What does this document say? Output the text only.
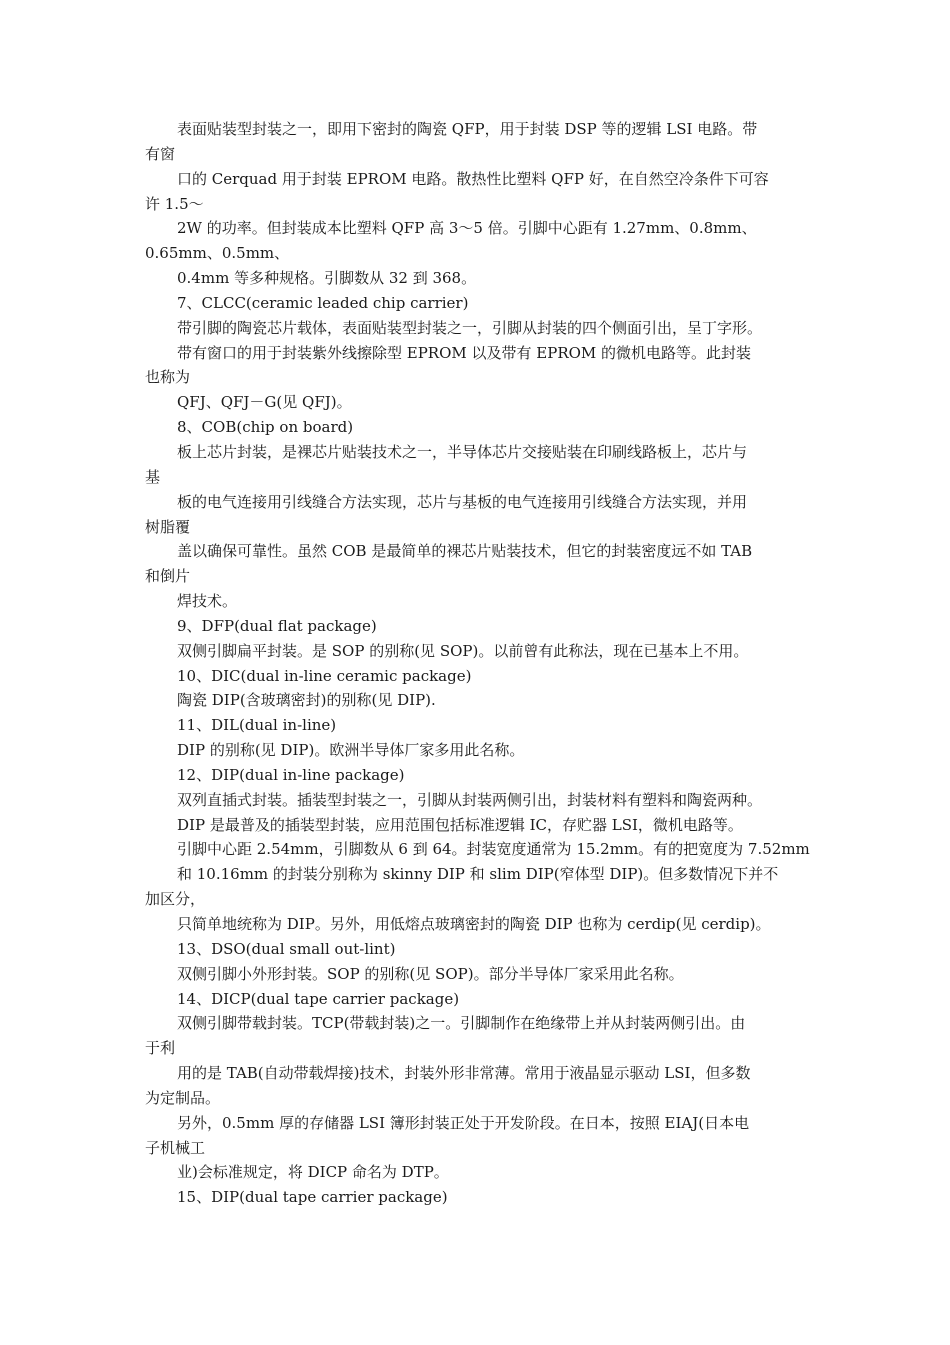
表面贴装型封装之一，即用下密封的陶瓷 QFP，用于封装 DSP 等的逻辑 LSI 电路。带
有窗
口的 Cerquad 用于封装 EPROM 电路。散热性比塑料 QFP 好，在自然空冷条件下可容
许 1.5～
2W 的功率。但封装成本比塑料 QFP 高 3～5 倍。引脚中心距有 1.27mm、0.8mm、
0.65mm、0.5mm、
0.4mm 等多种规格。引脚数从 32 到 368。
7、CLCC(ceramic leaded chip carrier)
带引脚的陶瓷芯片载体，表面贴装型封装之一，引脚从封装的四个侧面引出，呈丁字形。
带有窗口的用于封装紫外线擦除型 EPROM 以及带有 EPROM 的微机电路等。此封装
也称为
QFJ、QFJ－G(见 QFJ)。
8、COB(chip on board)
板上芯片封装，是裸芯片贴装技术之一，半导体芯片交接贴装在印刷线路板上，芯片与
基
板的电气连接用引线缝合方法实现，芯片与基板的电气连接用引线缝合方法实现，并用
树脂覆
盖以确保可靠性。虽然 COB 是最简单的裸芯片贴装技术，但它的封装密度远不如 TAB
和倒片
焊技术。
9、DFP(dual flat package)
双侧引脚扁平封装。是 SOP 的别称(见 SOP)。以前曾有此称法，现在已基本上不用。
10、DIC(dual in-line ceramic package)
陶瓷 DIP(含玻璃密封)的别称(见 DIP).
11、DIL(dual in-line)
DIP 的别称(见 DIP)。欧洲半导体厂家多用此名称。
12、DIP(dual in-line package)
双列直插式封装。插装型封装之一，引脚从封装两侧引出，封装材料有塑料和陶瓷两种。
DIP 是最普及的插装型封装，应用范围包括标准逻辑 IC，存贮器 LSI，微机电路等。
引脚中心距 2.54mm，引脚数从 6 到 64。封装宽度通常为 15.2mm。有的把宽度为 7.52mm
和 10.16mm 的封装分别称为 skinny DIP 和 slim DIP(窄体型 DIP)。但多数情况下并不
加区分，
只简单地统称为 DIP。另外，用低熔点玻璃密封的陶瓷 DIP 也称为 cerdip(见 cerdip)。
13、DSO(dual small out-lint)
双侧引脚小外形封装。SOP 的别称(见 SOP)。部分半导体厂家采用此名称。
14、DICP(dual tape carrier package)
双侧引脚带载封装。TCP(带载封装)之一。引脚制作在绝缘带上并从封装两侧引出。由
于利
用的是 TAB(自动带载焊接)技术，封装外形非常薄。常用于液晶显示驱动 LSI，但多数
为定制品。
另外，0.5mm 厚的存储器 LSI 簿形封装正处于开发阶段。在日本，按照 EIAJ(日本电
子机械工
业)会标准规定，将 DICP 命名为 DTP。
15、DIP(dual tape carrier package)
